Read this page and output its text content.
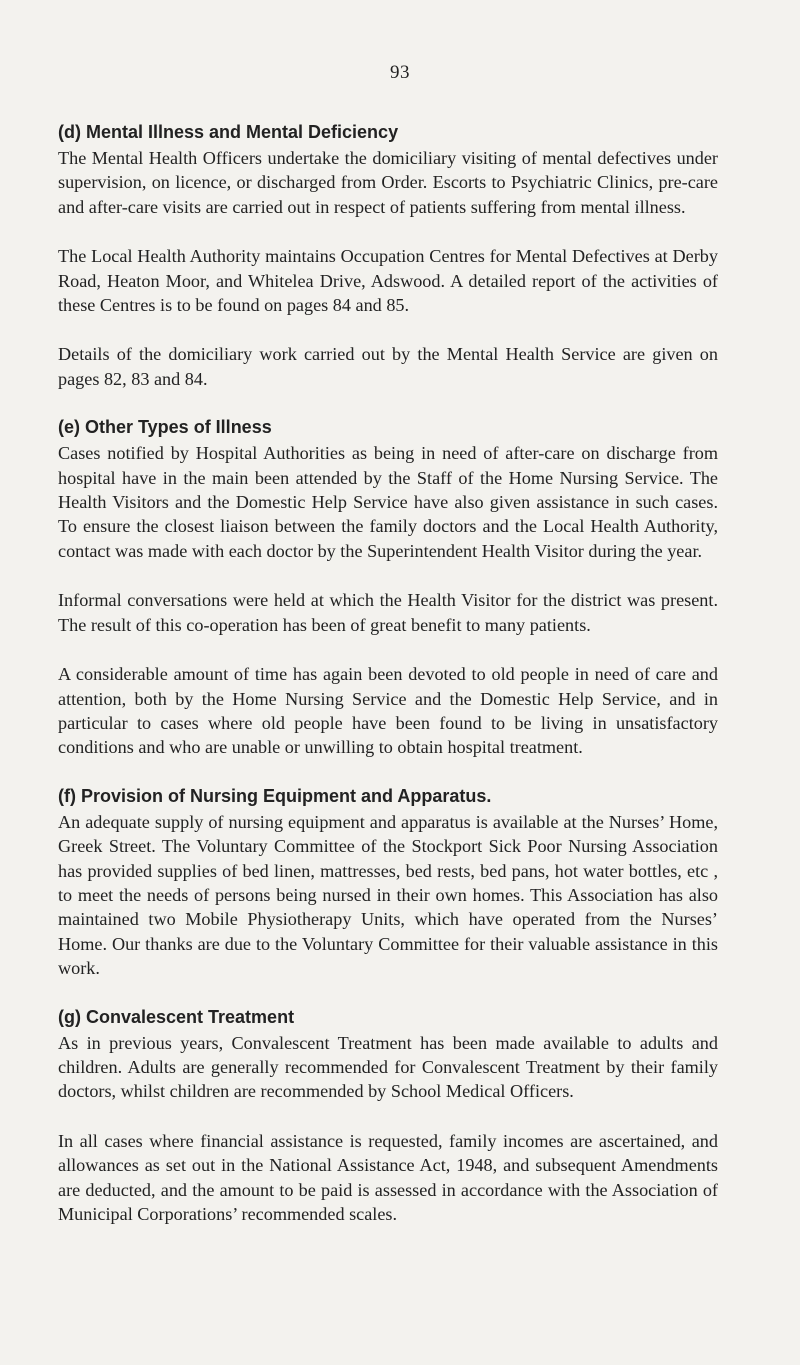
93
(d) Mental Illness and Mental Deficiency

The Mental Health Officers undertake the domiciliary visiting of mental defectives under supervision, on licence, or discharged from Order. Escorts to Psychiatric Clinics, pre-care and after-care visits are carried out in respect of patients suffering from mental illness.

The Local Health Authority maintains Occupation Centres for Mental Defectives at Derby Road, Heaton Moor, and Whitelea Drive, Adswood. A detailed report of the activities of these Centres is to be found on pages 84 and 85.

Details of the domiciliary work carried out by the Mental Health Service are given on pages 82, 83 and 84.

(e) Other Types of Illness

Cases notified by Hospital Authorities as being in need of after-care on discharge from hospital have in the main been attended by the Staff of the Home Nursing Service. The Health Visitors and the Domestic Help Service have also given assistance in such cases. To ensure the closest liaison between the family doctors and the Local Health Authority, contact was made with each doctor by the Superintendent Health Visitor during the year.

Informal conversations were held at which the Health Visitor for the district was present. The result of this co-operation has been of great benefit to many patients.

A considerable amount of time has again been devoted to old people in need of care and attention, both by the Home Nursing Service and the Domestic Help Service, and in particular to cases where old people have been found to be living in unsatisfactory conditions and who are unable or unwilling to obtain hospital treatment.

(f) Provision of Nursing Equipment and Apparatus.

An adequate supply of nursing equipment and apparatus is available at the Nurses’ Home, Greek Street. The Voluntary Committee of the Stockport Sick Poor Nursing Association has provided supplies of bed linen, mattresses, bed rests, bed pans, hot water bottles, etc , to meet the needs of persons being nursed in their own homes. This Association has also maintained two Mobile Physiotherapy Units, which have operated from the Nurses’ Home. Our thanks are due to the Voluntary Committee for their valuable assistance in this work.

(g) Convalescent Treatment

As in previous years, Convalescent Treatment has been made available to adults and children. Adults are generally recommended for Convalescent Treatment by their family doctors, whilst children are recommended by School Medical Officers.

In all cases where financial assistance is requested, family incomes are ascertained, and allowances as set out in the National Assistance Act, 1948, and subsequent Amendments are deducted, and the amount to be paid is assessed in accordance with the Association of Municipal Corporations’ recommended scales.
